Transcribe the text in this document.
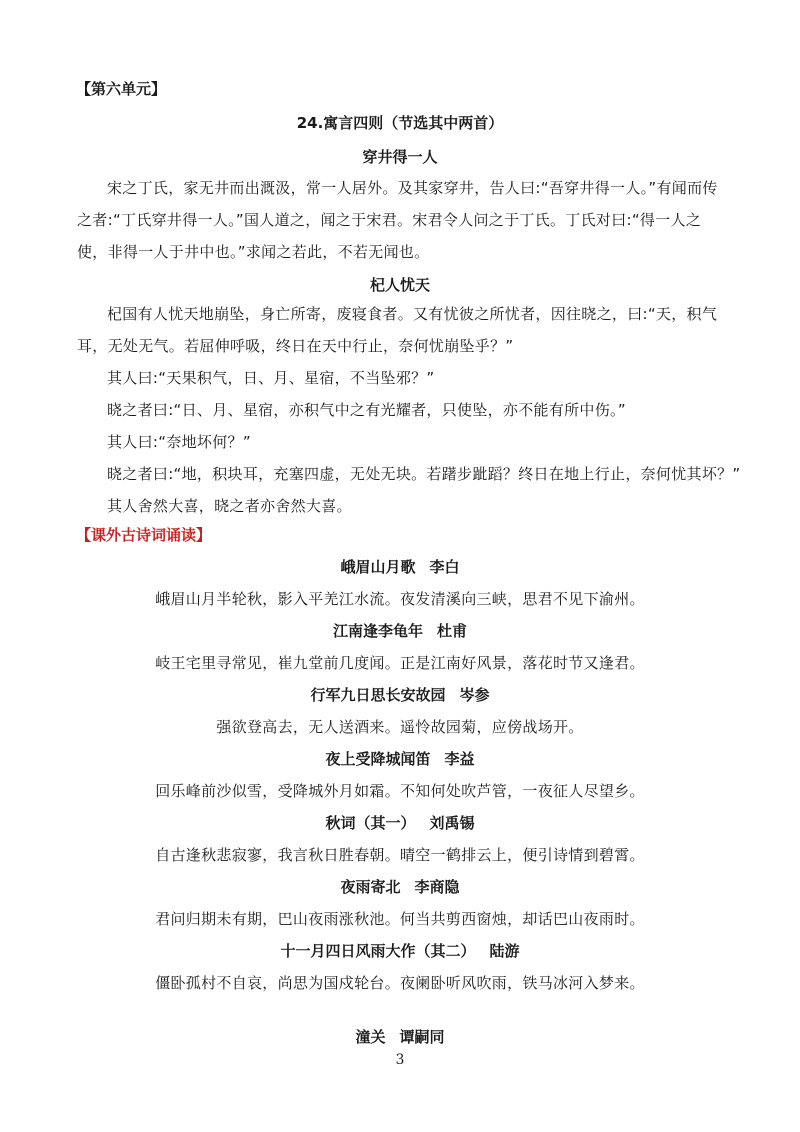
【第六单元】
24.寓言四则（节选其中两首）
穿井得一人
宋之丁氏，家无井而出溉汲，常一人居外。及其家穿井，告人曰:“吾穿井得一人。”有闻而传之者:“丁氏穿井得一人。”国人道之，闻之于宋君。宋君令人问之于丁氏。丁氏对曰:“得一人之使，非得一人于井中也。”求闻之若此，不若无闻也。
杞人忧天
杞国有人忧天地崩坠，身亡所寄，废寝食者。又有忧彼之所忧者，因往晓之，曰:“天，积气耳，无处无气。若屈伸呼吸，终日在天中行止，奈何忧崩坠乎？”
其人曰:“天果积气，日、月、星宿，不当坠邪？”
晓之者曰:“日、月、星宿，亦积气中之有光耀者，只使坠，亦不能有所中伤。”
其人曰:“奈地坏何？”
晓之者曰:“地，积块耳，充塞四虚，无处无块。若躇步跐蹈？终日在地上行止，奈何忧其坏？”
其人舍然大喜，晓之者亦舍然大喜。
【课外古诗词诵读】
峨眉山月歌 李白
峨眉山月半轮秋，影入平羌江水流。夜发清溪向三峡，思君不见下渝州。
江南逢李龟年 杜甫
岐王宅里寻常见，崔九堂前几度闻。正是江南好风景，落花时节又逢君。
行军九日思长安故园 岑参
强欲登高去，无人送酒来。遥怜故园菊，应傍战场开。
夜上受降城闻笛 李益
回乐峰前沙似雪，受降城外月如霜。不知何处吹芦管，一夜征人尽望乡。
秋词（其一） 刘禹锡
自古逢秋悲寂寥，我言秋日胜春朝。晴空一鹤排云上，便引诗情到碧霄。
夜雨寄北 李商隐
君问归期未有期，巴山夜雨涨秋池。何当共剪西窗烛，却话巴山夜雨时。
十一月四日风雨大作（其二） 陆游
僵卧孤村不自哀，尚思为国戍轮台。夜阑卧听风吹雨，铁马冰河入梦来。
潼关 谭嗣同
3
